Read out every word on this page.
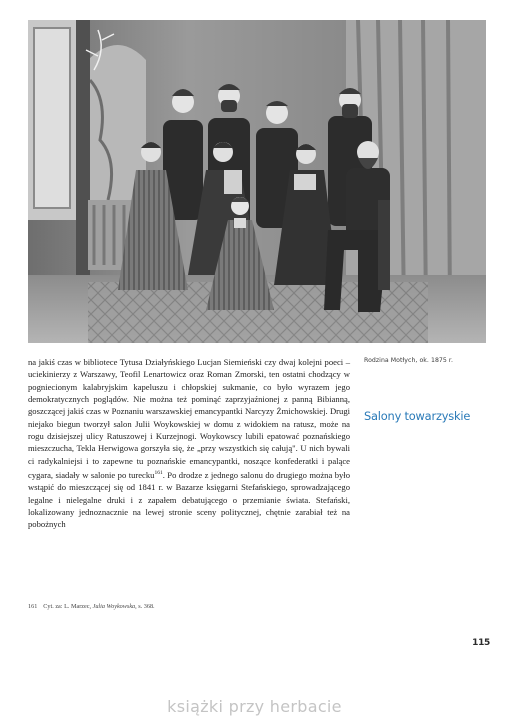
na jakiś czas w bibliotece Tytusa Działyńskiego Lucjan Siemieński czy dwaj kolejni poeci – uciekinierzy z Warszawy, Teofil Lenartowicz oraz Roman Zmorski, ten ostatni chodzący w pogniecionym kalabryjskim kapeluszu i chłopskiej sukmanie, co było wyrazem jego demokratycznych poglądów. Nie można też pominąć zaprzyjaźnionej z panną Bibianną, goszczącej jakiś czas w Poznaniu warszawskiej emancypantki Narcyzy Żmichowskiej. Drugi niejako biegun tworzył salon Julii Woykowskiej w domu z widokiem na ratusz, może na rogu dzisiejszej ulicy Ratuszowej i Kurzejnogi. Woykowscy lubili epatować poznańskiego mieszczucha, Tekla Herwigowa gorszyła się, że „przy wszystkich się całują". U nich bywali ci radykalniejsi i to zapewne tu poznańskie emancypantki, noszące konfederatki i palące cygara, siadały w salonie po turecku$^{161}$. Po drodze z jednego salonu do drugiego można było wstąpić do mieszczącej się od 1841 r. w Bazarze księgarni Stefańskiego, sprowadzającego legalne i nielegalne druki i z zapałem debatującego o przemianie świata. Stefański, lokalizowany jednoznacznie na lewej stronie sceny politycznej, chętnie zarabiał też na pobożnych

Rodzina Motłych, ok. 1875 r.
Salony towarzyskie
161 Cyt. za: L. Marzec, Julia Woykowska, s. 368.
115
książki przy herbacie
